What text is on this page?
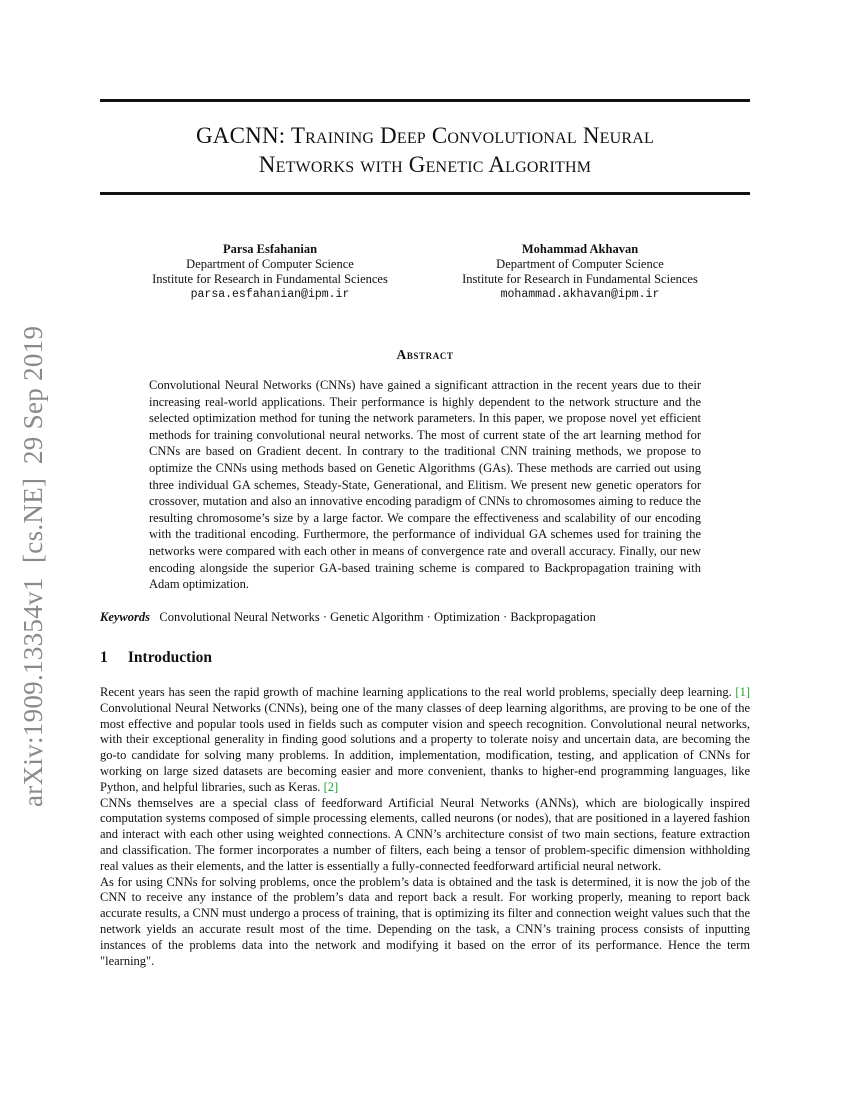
arXiv:1909.13354v1

[cs.NE]

29 Sep 2019
GACNN: Training Deep Convolutional Neural
Networks with Genetic Algorithm
Parsa Esfahanian
Department of Computer Science
Institute for Research in Fundamental Sciences
parsa.esfahanian@ipm.ir
Mohammad Akhavan
Department of Computer Science
Institute for Research in Fundamental Sciences
mohammad.akhavan@ipm.ir
Abstract
Convolutional Neural Networks (CNNs) have gained a significant attraction in the recent years due to their increasing real-world applications. Their performance is highly dependent to the network structure and the selected optimization method for tuning the network parameters. In this paper, we propose novel yet efficient methods for training convolutional neural networks. The most of current state of the art learning method for CNNs are based on Gradient decent. In contrary to the traditional CNN training methods, we propose to optimize the CNNs using methods based on Genetic Algorithms (GAs). These methods are carried out using three individual GA schemes, Steady-State, Generational, and Elitism. We present new genetic operators for crossover, mutation and also an innovative encoding paradigm of CNNs to chromosomes aiming to reduce the resulting chromosome’s size by a large factor. We compare the effectiveness and scalability of our encoding with the traditional encoding. Furthermore, the performance of individual GA schemes used for training the networks were compared with each other in means of convergence rate and overall accuracy. Finally, our new encoding alongside the superior GA-based training scheme is compared to Backpropagation training with Adam optimization.
Keywords Convolutional Neural Networks · Genetic Algorithm · Optimization · Backpropagation
1 Introduction

Recent years has seen the rapid growth of machine learning applications to the real world problems, specially deep learning. [1] Convolutional Neural Networks (CNNs), being one of the many classes of deep learning algorithms, are proving to be one of the most effective and popular tools used in fields such as computer vision and speech recognition. Convolutional neural networks, with their exceptional generality in finding good solutions and a property to tolerate noisy and uncertain data, are becoming the go-to candidate for solving many problems. In addition, implementation, modification, testing, and application of CNNs for working on large sized datasets are becoming easier and more convenient, thanks to higher-end programming languages, like Python, and helpful libraries, such as Keras. [2]

CNNs themselves are a special class of feedforward Artificial Neural Networks (ANNs), which are biologically inspired computation systems composed of simple processing elements, called neurons (or nodes), that are positioned in a layered fashion and interact with each other using weighted connections. A CNN’s architecture consist of two main sections, feature extraction and classification. The former incorporates a number of filters, each being a tensor of problem-specific dimension withholding real values as their elements, and the latter is essentially a fully-connected feedforward artificial neural network.

As for using CNNs for solving problems, once the problem’s data is obtained and the task is determined, it is now the job of the CNN to receive any instance of the problem’s data and report back a result. For working properly, meaning to report back accurate results, a CNN must undergo a process of training, that is optimizing its filter and connection weight values such that the network yields an accurate result most of the time. Depending on the task, a CNN’s training process consists of inputting instances of the problems data into the network and modifying it based on the error of its performance. Hence the term "learning".
